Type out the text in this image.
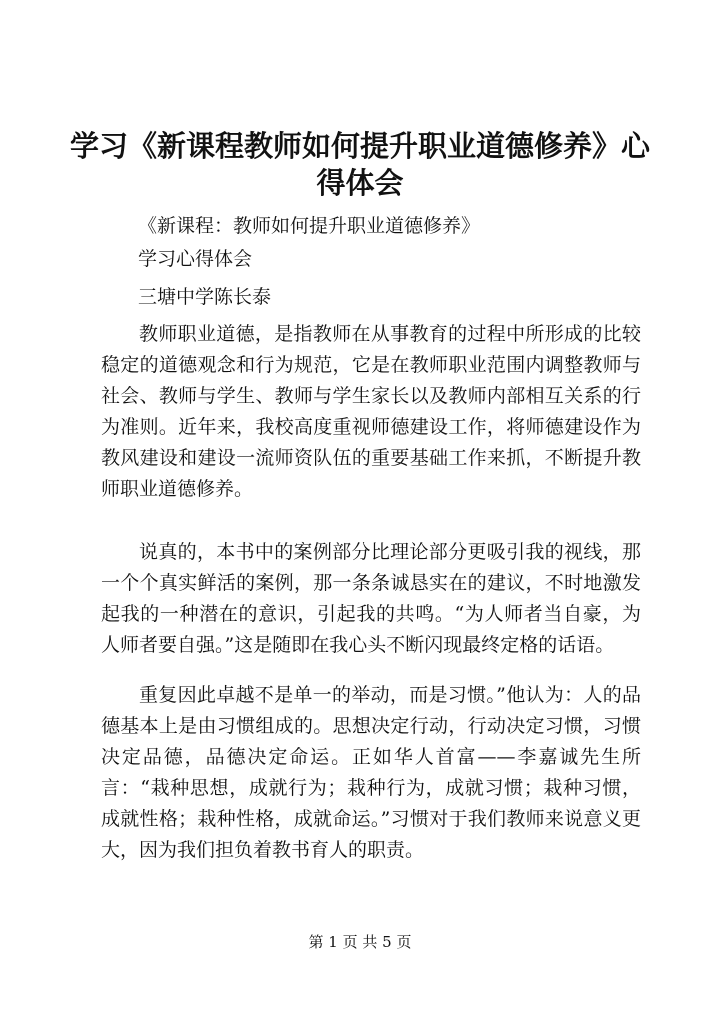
学习《新课程教师如何提升职业道德修养》心得体会
《新课程：教师如何提升职业道德修养》
学习心得体会
三塘中学陈长泰

教师职业道德，是指教师在从事教育的过程中所形成的比较稳定的道德观念和行为规范，它是在教师职业范围内调整教师与社会、教师与学生、教师与学生家长以及教师内部相互关系的行为准则。近年来，我校高度重视师德建设工作，将师德建设作为教风建设和建设一流师资队伍的重要基础工作来抓，不断提升教师职业道德修养。

说真的，本书中的案例部分比理论部分更吸引我的视线，那一个个真实鲜活的案例，那一条条诚恳实在的建议，不时地激发起我的一种潜在的意识，引起我的共鸣。“为人师者当自豪，为人师者要自强。”这是随即在我心头不断闪现最终定格的话语。

重复因此卓越不是单一的举动，而是习惯。”他认为：人的品德基本上是由习惯组成的。思想决定行动，行动决定习惯，习惯决定品德，品德决定命运。正如华人首富——李嘉诚先生所言：“栽种思想，成就行为；栽种行为，成就习惯；栽种习惯，成就性格；栽种性格，成就命运。”习惯对于我们教师来说意义更大，因为我们担负着教书育人的职责。

第 1 页 共 5 页
